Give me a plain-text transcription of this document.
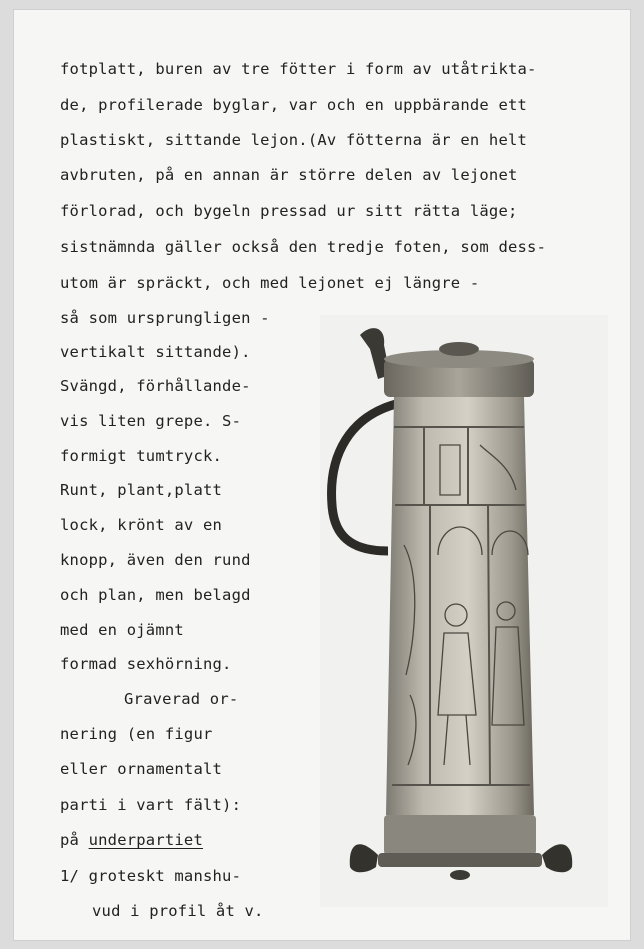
fotplatt, buren av tre fötter i form av utåtrikta-
de, profilerade byglar, var och en uppbärande ett
plastiskt, sittande lejon.(Av fötterna är en helt
avbruten, på en annan är större delen av lejonet
förlorad, och bygeln pressad ur sitt rätta läge;
sistnämnda gäller också den tredje foten, som dess-
utom är spräckt, och med lejonet ej längre -
så som ursprungligen -
vertikalt sittande).
Svängd, förhållande-
vis liten grepe. S-
formigt tumtryck.
Runt, plant,platt
lock, krönt av en
knopp, även den rund
och plan, men belagd
med en ojämnt
formad sexhörning.
Graverad or-
nering (en figur
eller ornamentalt
parti i vart fält):
på underpartiet
1/ groteskt manshu-
vud i profil åt v.
